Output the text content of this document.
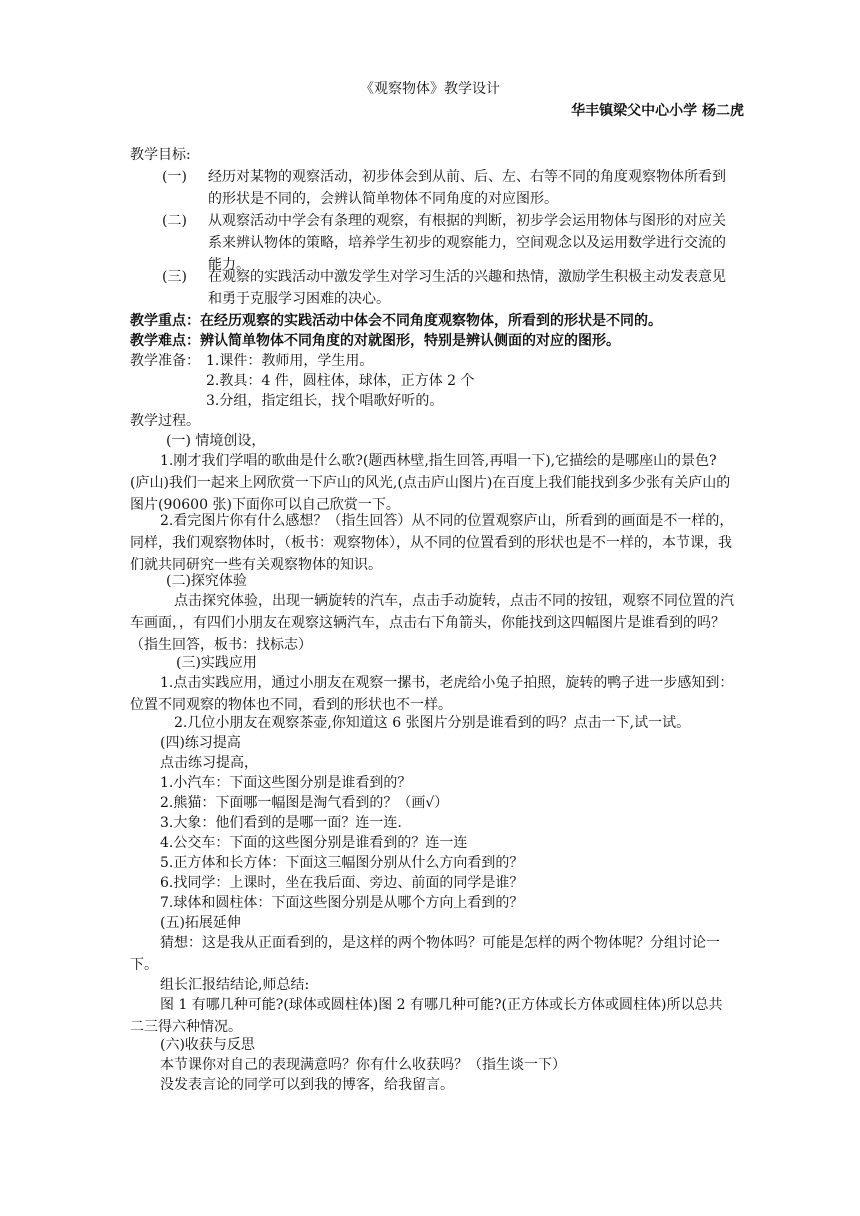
《观察物体》教学设计
华丰镇梁父中心小学 杨二虎
教学目标:
(一) 经历对某物的观察活动，初步体会到从前、后、左、右等不同的角度观察物体所看到的形状是不同的，会辨认简单物体不同角度的对应图形。
(二) 从观察活动中学会有条理的观察，有根据的判断，初步学会运用物体与图形的对应关系来辨认物体的策略，培养学生初步的观察能力，空间观念以及运用数学进行交流的能力。
(三) 在观察的实践活动中激发学生对学习生活的兴趣和热情，激励学生积极主动发表意见和勇于克服学习困难的决心。
教学重点：在经历观察的实践活动中体会不同角度观察物体，所看到的形状是不同的。
教学难点：辨认简单物体不同角度的对就图形，特别是辨认侧面的对应的图形。
教学准备： 1.课件：教师用，学生用。
2.教具：4 件，圆柱体，球体，正方体 2 个
3.分组，指定组长，找个唱歌好听的。
教学过程。
(一) 情境创设，
1.刚才我们学唱的歌曲是什么歌?(题西林壁,指生回答,再唱一下),它描绘的是哪座山的景色?(庐山)我们一起来上网欣赏一下庐山的风光,(点击庐山图片)在百度上我们能找到多少张有关庐山的图片(90600 张)下面你可以自己欣赏一下。
2.看完图片你有什么感想？（指生回答）从不同的位置观察庐山，所看到的画面是不一样的，同样，我们观察物体时，（板书：观察物体），从不同的位置看到的形状也是不一样的，本节课，我们就共同研究一些有关观察物体的知识。
(二)探究体验
点击探究体验，出现一辆旋转的汽车，点击手动旋转，点击不同的按钮，观察不同位置的汽车画面，，有四们小朋友在观察这辆汽车，点击右下角箭头，你能找到这四幅图片是谁看到的吗？（指生回答，板书：找标志）
(三)实践应用
1.点击实践应用，通过小朋友在观察一摞书，老虎给小兔子拍照，旋转的鸭子进一步感知到：位置不同观察的物体也不同，看到的形状也不一样。
2.几位小朋友在观察茶壶,你知道这 6 张图片分别是谁看到的吗？点击一下,试一试。
(四)练习提高
点击练习提高，
1.小汽车：下面这些图分别是谁看到的？
2.熊猫：下面哪一幅图是淘气看到的？（画√）
3.大象：他们看到的是哪一面？连一连.
4.公交车：下面的这些图分别是谁看到的？连一连
5.正方体和长方体：下面这三幅图分别从什么方向看到的？
6.找同学：上课时，坐在我后面、旁边、前面的同学是谁？
7.球体和圆柱体：下面这些图分别是从哪个方向上看到的？
(五)拓展延伸
猜想：这是我从正面看到的，是这样的两个物体吗？可能是怎样的两个物体呢？分组讨论一下。
组长汇报结结论,师总结:
图 1 有哪几种可能?(球体或圆柱体)图 2 有哪几种可能?(正方体或长方体或圆柱体)所以总共二三得六种情况。
(六)收获与反思
本节课你对自己的表现满意吗？你有什么收获吗？（指生谈一下）
没发表言论的同学可以到我的博客，给我留言。
